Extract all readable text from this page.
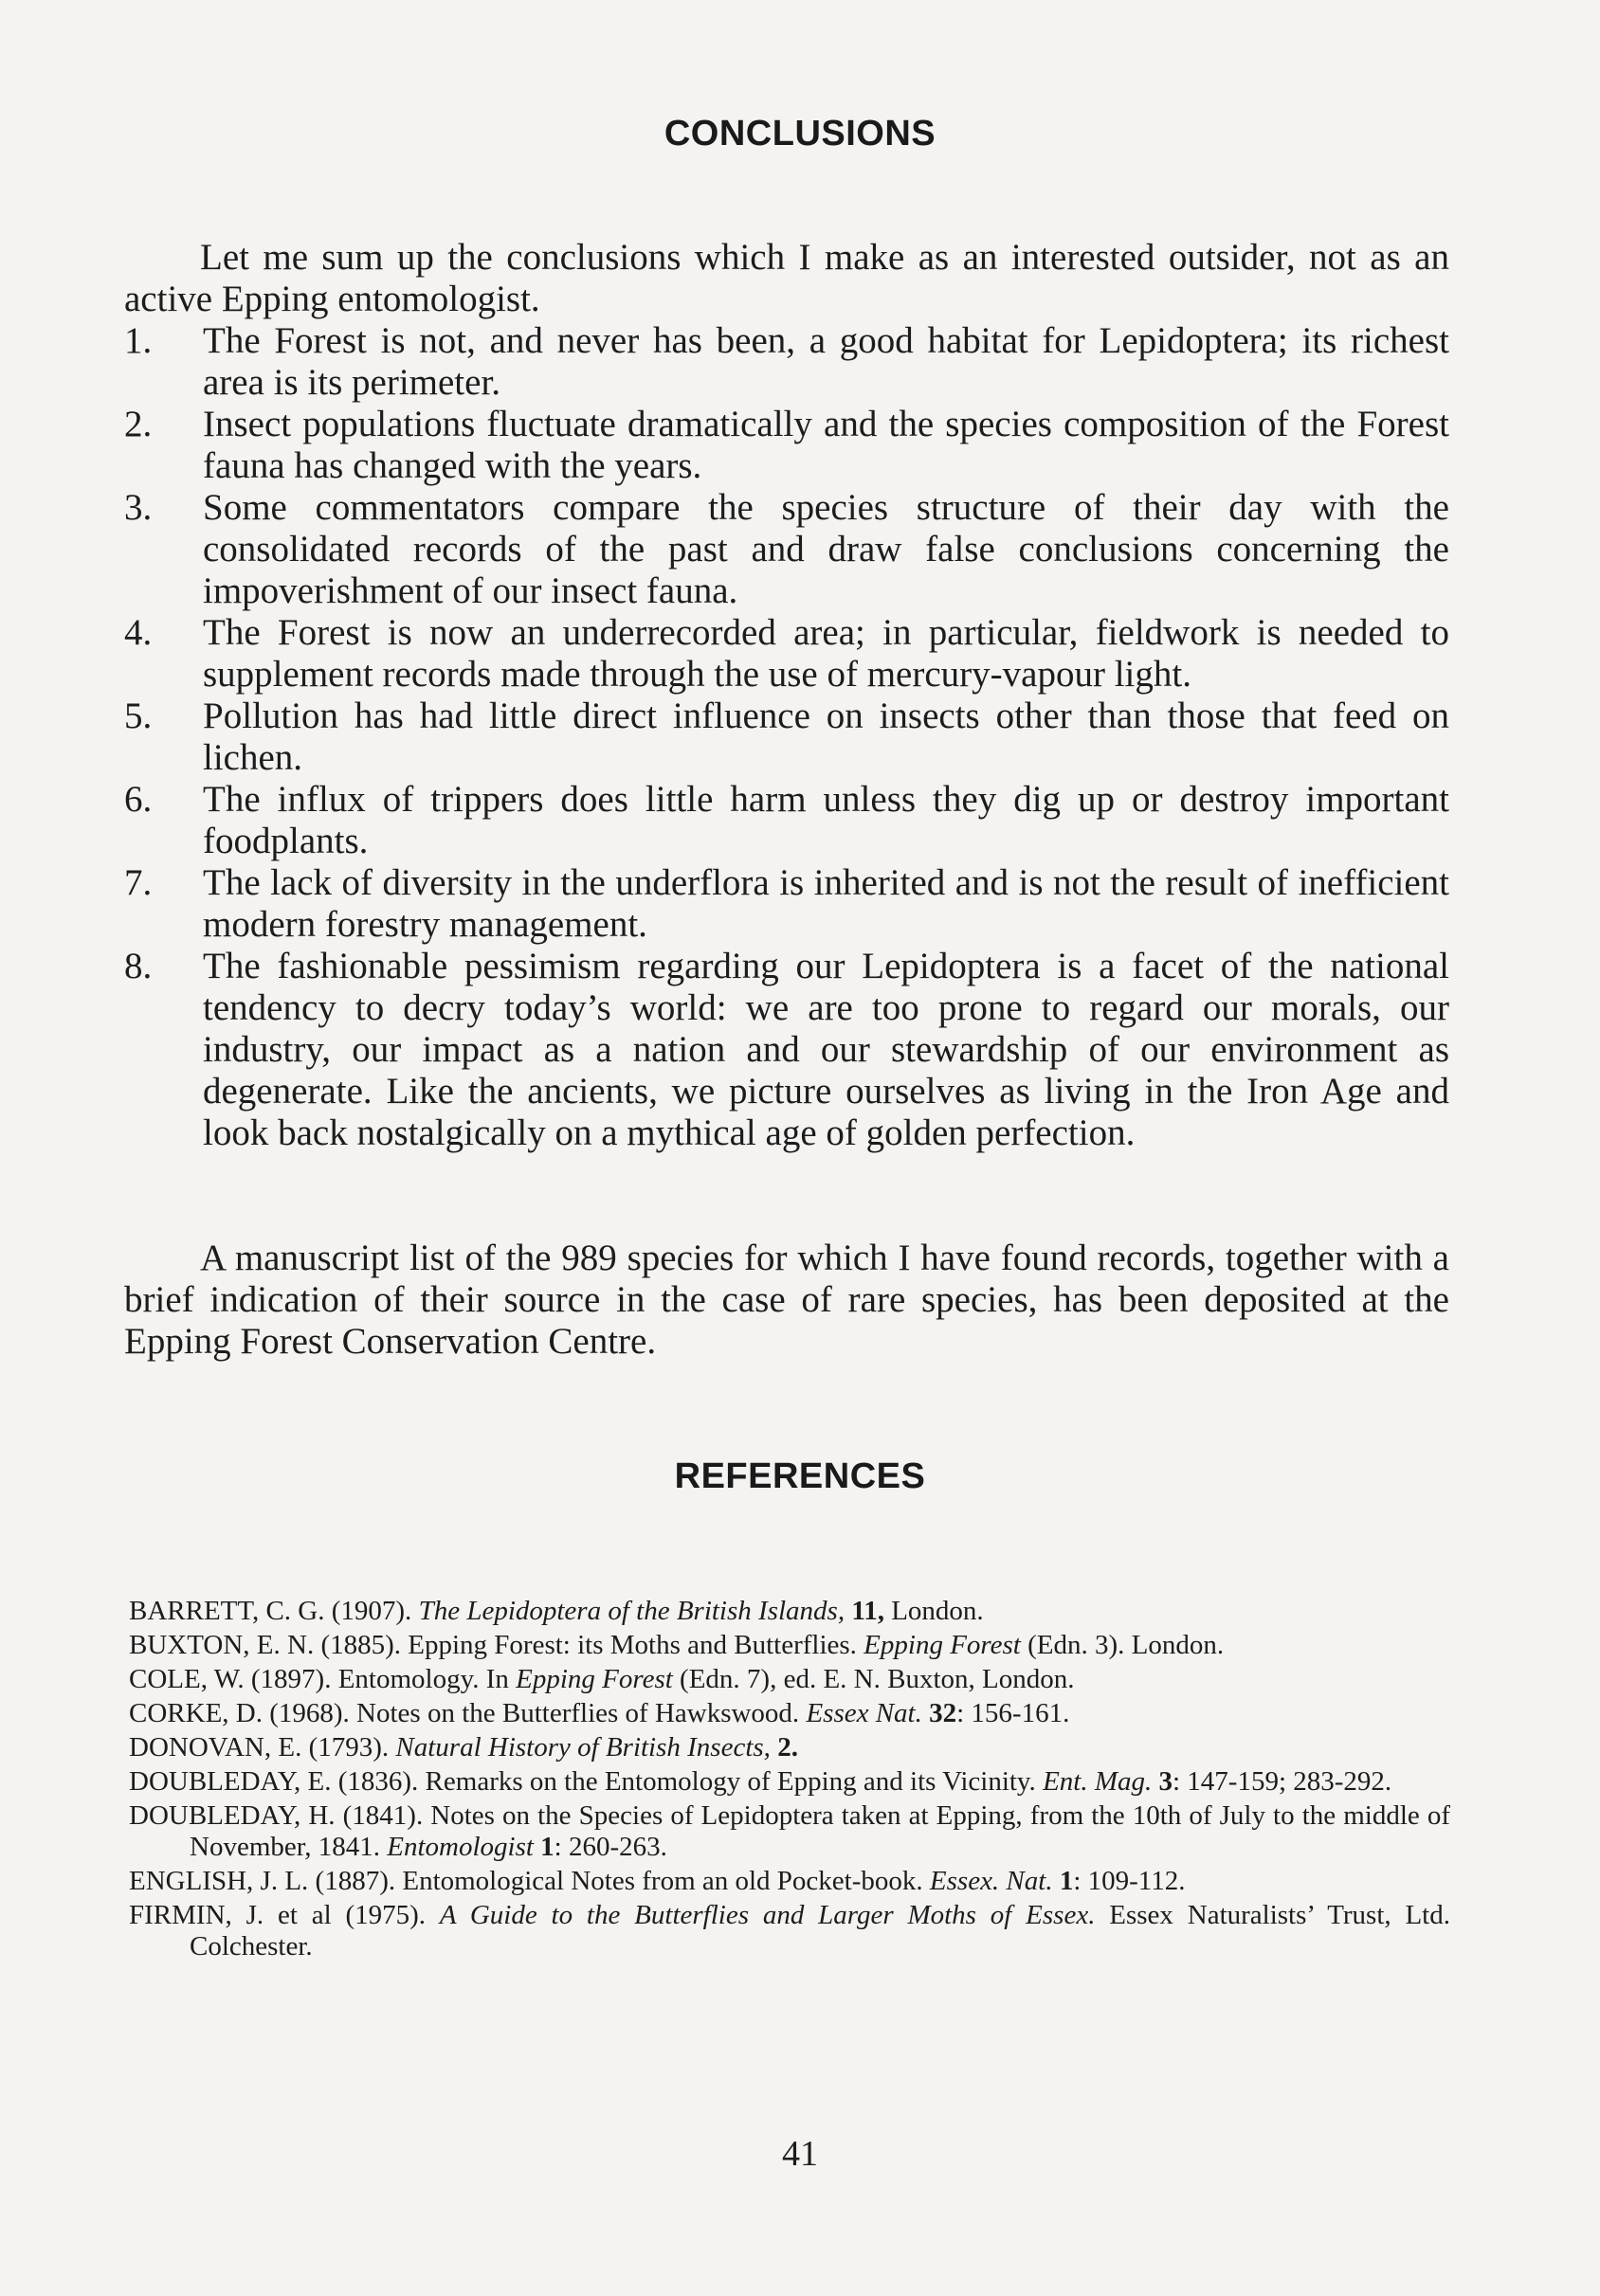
CONCLUSIONS

Let me sum up the conclusions which I make as an interested outsider, not as an active Epping entomologist.

1.	The Forest is not, and never has been, a good habitat for Lepidoptera; its richest area is its perimeter.
2.	Insect populations fluctuate dramatically and the species composition of the Forest fauna has changed with the years.
3.	Some commentators compare the species structure of their day with the consolidated records of the past and draw false conclusions concerning the impoverishment of our insect fauna.
4.	The Forest is now an underrecorded area; in particular, fieldwork is needed to supplement records made through the use of mercury-vapour light.
5.	Pollution has had little direct influence on insects other than those that feed on lichen.
6.	The influx of trippers does little harm unless they dig up or destroy important foodplants.
7.	The lack of diversity in the underflora is inherited and is not the result of inefficient modern forestry management.
8.	The fashionable pessimism regarding our Lepidoptera is a facet of the national tendency to decry today’s world: we are too prone to regard our morals, our industry, our impact as a nation and our stewardship of our environment as degenerate. Like the ancients, we picture ourselves as living in the Iron Age and look back nostalgically on a mythical age of golden perfection.

A manuscript list of the 989 species for which I have found records, together with a brief indication of their source in the case of rare species, has been deposited at the Epping Forest Conservation Centre.

REFERENCES
BARRETT, C. G. (1907). The Lepidoptera of the British Islands, 11, London.
BUXTON, E. N. (1885). Epping Forest: its Moths and Butterflies. Epping Forest (Edn. 3). London.
COLE, W. (1897). Entomology. In Epping Forest (Edn. 7), ed. E. N. Buxton, London.
CORKE, D. (1968). Notes on the Butterflies of Hawkswood. Essex Nat. 32: 156-161.
DONOVAN, E. (1793). Natural History of British Insects, 2.
DOUBLEDAY, E. (1836). Remarks on the Entomology of Epping and its Vicinity. Ent. Mag. 3: 147-159; 283-292.
DOUBLEDAY, H. (1841). Notes on the Species of Lepidoptera taken at Epping, from the 10th of July to the middle of November, 1841. Entomologist 1: 260-263.
ENGLISH, J. L. (1887). Entomological Notes from an old Pocket-book. Essex. Nat. 1: 109-112.
FIRMIN, J. et al (1975). A Guide to the Butterflies and Larger Moths of Essex. Essex Naturalists’ Trust, Ltd. Colchester.
41
